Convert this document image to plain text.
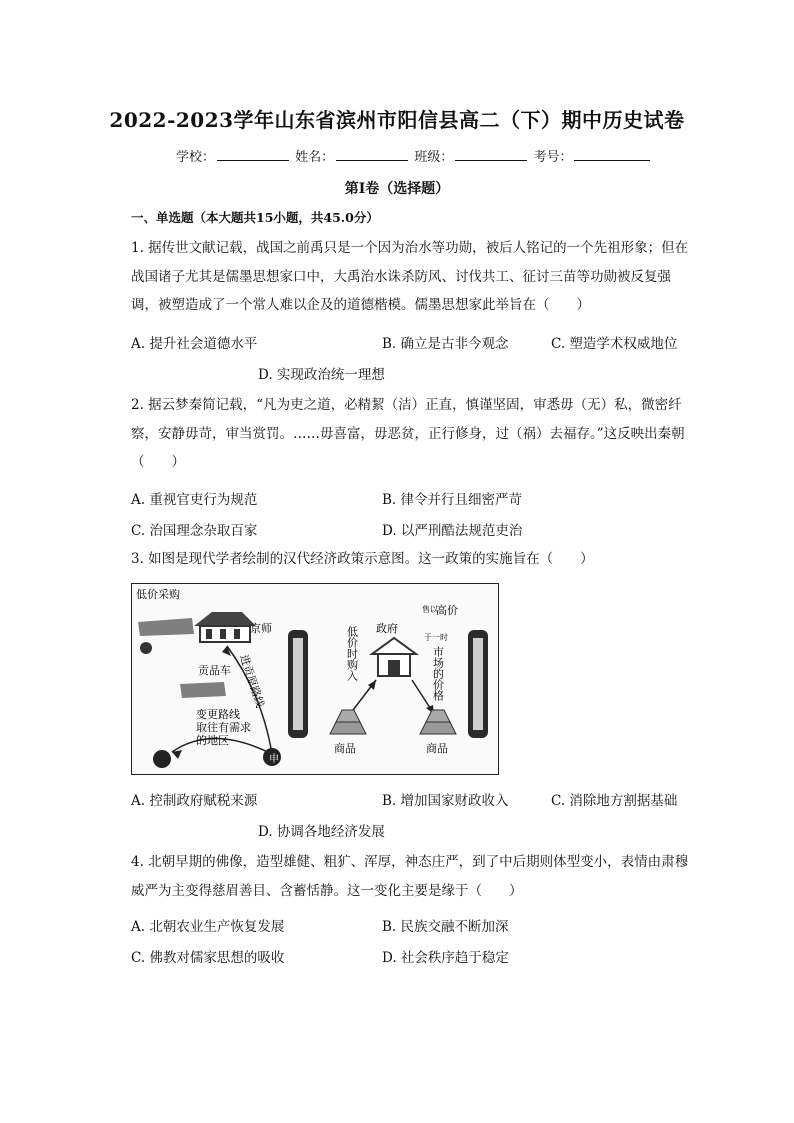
2022-2023学年山东省滨州市阳信县高二（下）期中历史试卷
学校：	姓名：	班级：	考号：
第I卷（选择题）
一、单选题（本大题共15小题，共45.0分）
1. 据传世文献记载，战国之前禹只是一个因为治水等功勋，被后人铭记的一个先祖形象；但在战国诸子尤其是儒墨思想家口中，大禹治水诛杀防风、讨伐共工、征讨三苗等功勋被反复强调，被塑造成了一个常人难以企及的道德楷模。儒墨思想家此举旨在（　　）
A. 提升社会道德水平	B. 确立是古非今观念	C. 塑造学术权威地位
D. 实现政治统一理想
2. 据云梦秦简记载，“凡为吏之道，必精絜（洁）正直，慎谨坚固，审悉毋（无）私，微密纤察，安静毋苛，审当赏罚。……毋喜富，毋恶贫，正行修身，过（祸）去福存。”这反映出秦朝（　　）
A. 重视官吏行为规范	B. 律令并行且细密严苛
C. 治国理念杂取百家	D. 以严刑酷法规范吏治
3. 如图是现代学者绘制的汉代经济政策示意图。这一政策的实施旨在（　　）
低价采购
京师
进贡原路线
贡品车
变更路线
取往有需求
的地区
申
政府
低价时购入
高价
售以
于一时
市场的价格
商品	商品
A. 控制政府赋税来源	B. 增加国家财政收入	C. 消除地方割据基础
D. 协调各地经济发展
4. 北朝早期的佛像，造型雄健、粗犷、浑厚，神态庄严，到了中后期则体型变小，表情由肃穆威严为主变得慈眉善目、含蓄恬静。这一变化主要是缘于（　　）
A. 北朝农业生产恢复发展	B. 民族交融不断加深
C. 佛教对儒家思想的吸收	D. 社会秩序趋于稳定
